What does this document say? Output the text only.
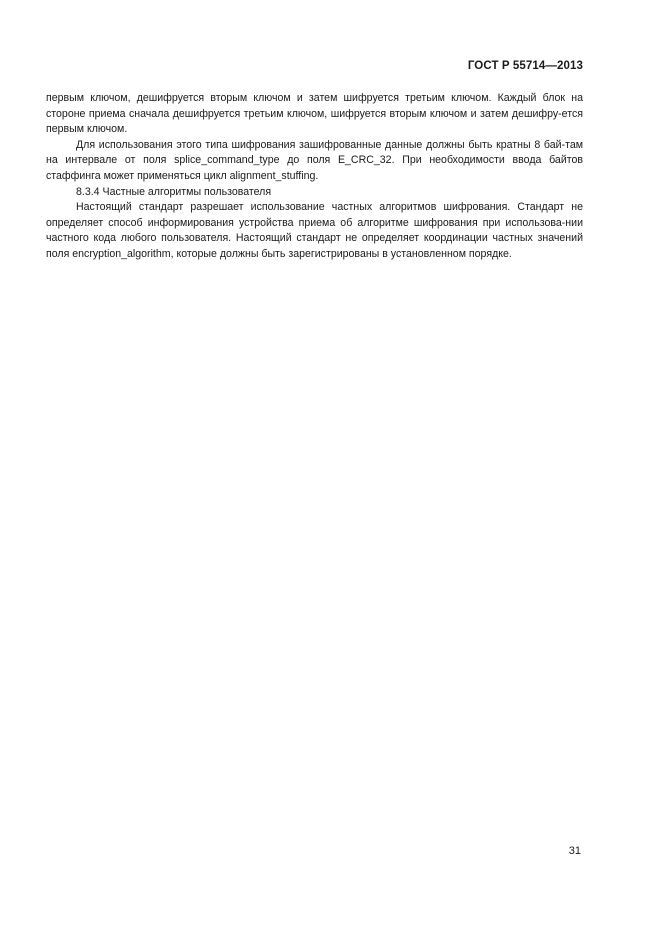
ГОСТ Р 55714—2013

первым ключом, дешифруется вторым ключом и затем шифруется третьим ключом. Каждый блок на стороне приема сначала дешифруется третьим ключом, шифруется вторым ключом и затем дешифру-ется первым ключом.

Для использования этого типа шифрования зашифрованные данные должны быть кратны 8 бай-там на интервале от поля splice_command_type до поля E_CRC_32. При необходимости ввода байтов стаффинга может применяться цикл alignment_stuffing.

8.3.4 Частные алгоритмы пользователя

Настоящий стандарт разрешает использование частных алгоритмов шифрования. Стандарт не определяет способ информирования устройства приема об алгоритме шифрования при использова-нии частного кода любого пользователя. Настоящий стандарт не определяет координации частных значений поля encryption_algorithm, которые должны быть зарегистрированы в установленном порядке.

31
